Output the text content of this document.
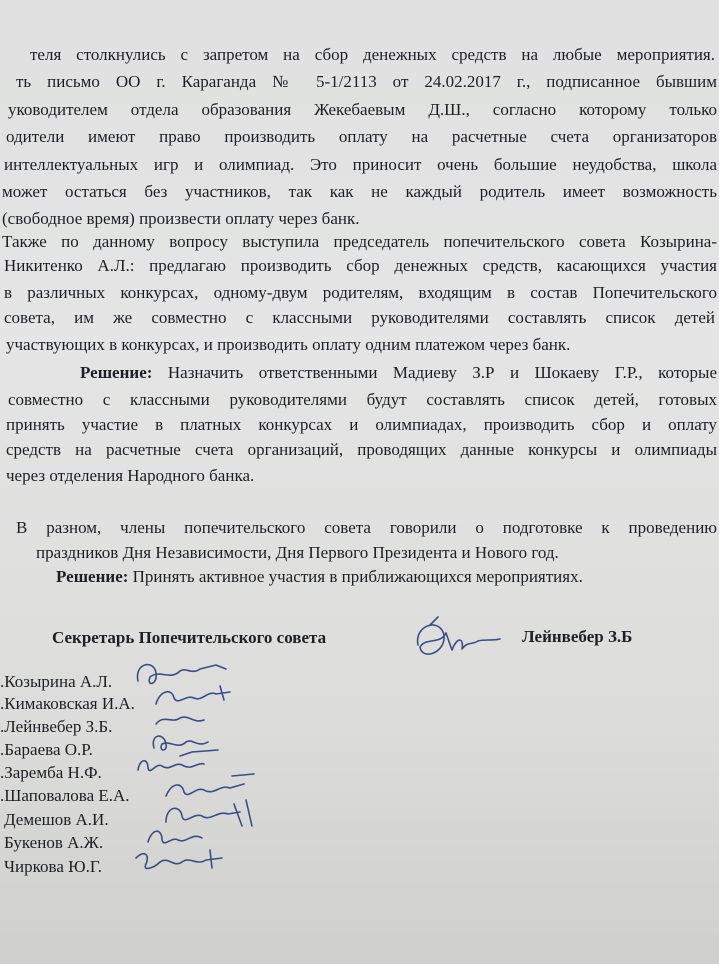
теля столкнулись с запретом на сбор денежных средств на любые мероприятия.
ть письмо ОО г. Караганда № 5-1/2113 от 24.02.2017 г., подписанное бывшим
уководителем отдела образования Жекебаевым Д.Ш., согласно которому только
одители имеют право производить оплату на расчетные счета организаторов
интеллектуальных игр и олимпиад. Это приносит очень большие неудобства, школа
может остаться без участников, так как не каждый родитель имеет возможность
(свободное время) произвести оплату через банк.
Также по данному вопросу выступила председатель попечительского совета Козырина-
Никитенко А.Л.: предлагаю производить сбор денежных средств, касающихся участия
в различных конкурсах, одному-двум родителям, входящим в состав Попечительского
совета, им же совместно с классными руководителями составлять список детей
участвующих в конкурсах, и производить оплату одним платежом через банк.
Решение: Назначить ответственными Мадиеву З.Р и Шокаеву Г.Р., которые
совместно с классными руководителями будут составлять список детей, готовых
принять участие в платных конкурсах и олимпиадах, производить сбор и оплату
средств на расчетные счета организаций, проводящих данные конкурсы и олимпиады
через отделения Народного банка.
В разном, члены попечительского совета говорили о подготовке к проведению
праздников Дня Независимости, Дня Первого Президента и Нового год.
Решение: Принять активное участия в приближающихся мероприятиях.
Секретарь Попечительского совета	Лейнвебер З.Б
.Козырина А.Л.
.Кимаковская И.А.
.Лейнвебер З.Б.
.Бараева О.Р.
.Заремба Н.Ф.
.Шаповалова Е.А.
Демешов А.И.
Букенов А.Ж.
Чиркова Ю.Г.
